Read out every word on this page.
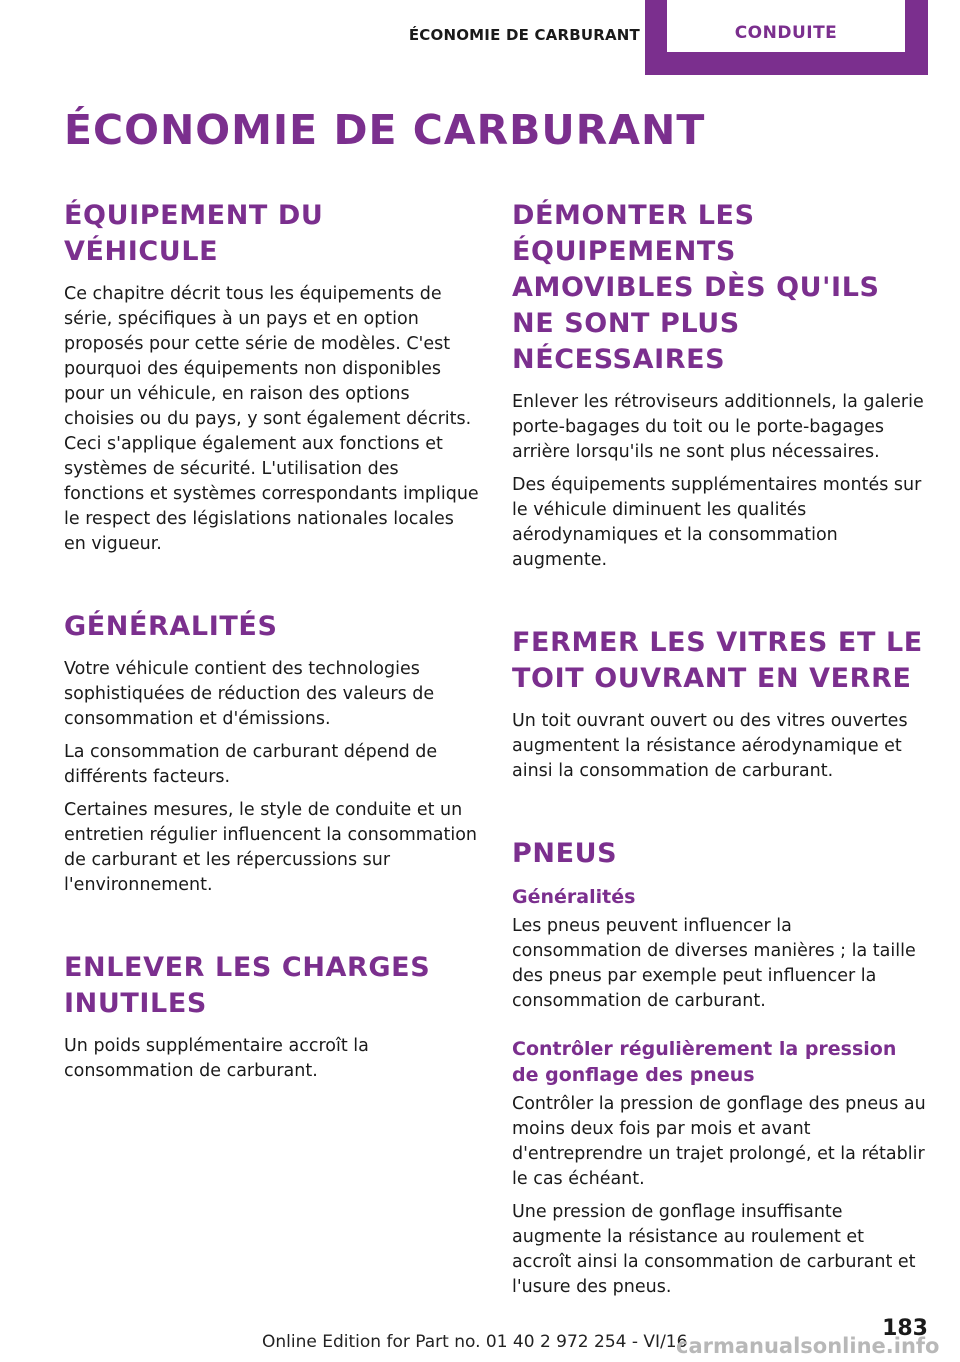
ÉCONOMIE DE CARBURANT	CONDUITE
ÉCONOMIE DE CARBURANT
ÉQUIPEMENT DU VÉHICULE

Ce chapitre décrit tous les équipements de série, spécifiques à un pays et en option proposés pour cette série de modèles. C'est pourquoi des équipements non disponibles pour un véhicule, en raison des options choisies ou du pays, y sont également décrits. Ceci s'applique également aux fonctions et systèmes de sécurité. L'utilisation des fonctions et systèmes correspondants implique le respect des législations nationales locales en vigueur.

GÉNÉRALITÉS

Votre véhicule contient des technologies sophistiquées de réduction des valeurs de consommation et d'émissions.

La consommation de carburant dépend de différents facteurs.

Certaines mesures, le style de conduite et un entretien régulier influencent la consommation de carburant et les répercussions sur l'environnement.

ENLEVER LES CHARGES INUTILES

Un poids supplémentaire accroît la consommation de carburant.

DÉMONTER LES ÉQUIPEMENTS AMOVIBLES DÈS QU'ILS NE SONT PLUS NÉCESSAIRES

Enlever les rétroviseurs additionnels, la galerie porte-bagages du toit ou le porte-bagages arrière lorsqu'ils ne sont plus nécessaires.

Des équipements supplémentaires montés sur le véhicule diminuent les qualités aérodynamiques et la consommation augmente.

FERMER LES VITRES ET LE TOIT OUVRANT EN VERRE

Un toit ouvrant ouvert ou des vitres ouvertes augmentent la résistance aérodynamique et ainsi la consommation de carburant.

PNEUS
Généralités

Les pneus peuvent influencer la consommation de diverses manières ; la taille des pneus par exemple peut influencer la consommation de carburant.

Contrôler régulièrement la pression de gonflage des pneus

Contrôler la pression de gonflage des pneus au moins deux fois par mois et avant d'entreprendre un trajet prolongé, et la rétablir le cas échéant.

Une pression de gonflage insuffisante augmente la résistance au roulement et accroît ainsi la consommation de carburant et l'usure des pneus.

Online Edition for Part no. 01 40 2 972 254 - VI/16
183
carmanualsonline.info
